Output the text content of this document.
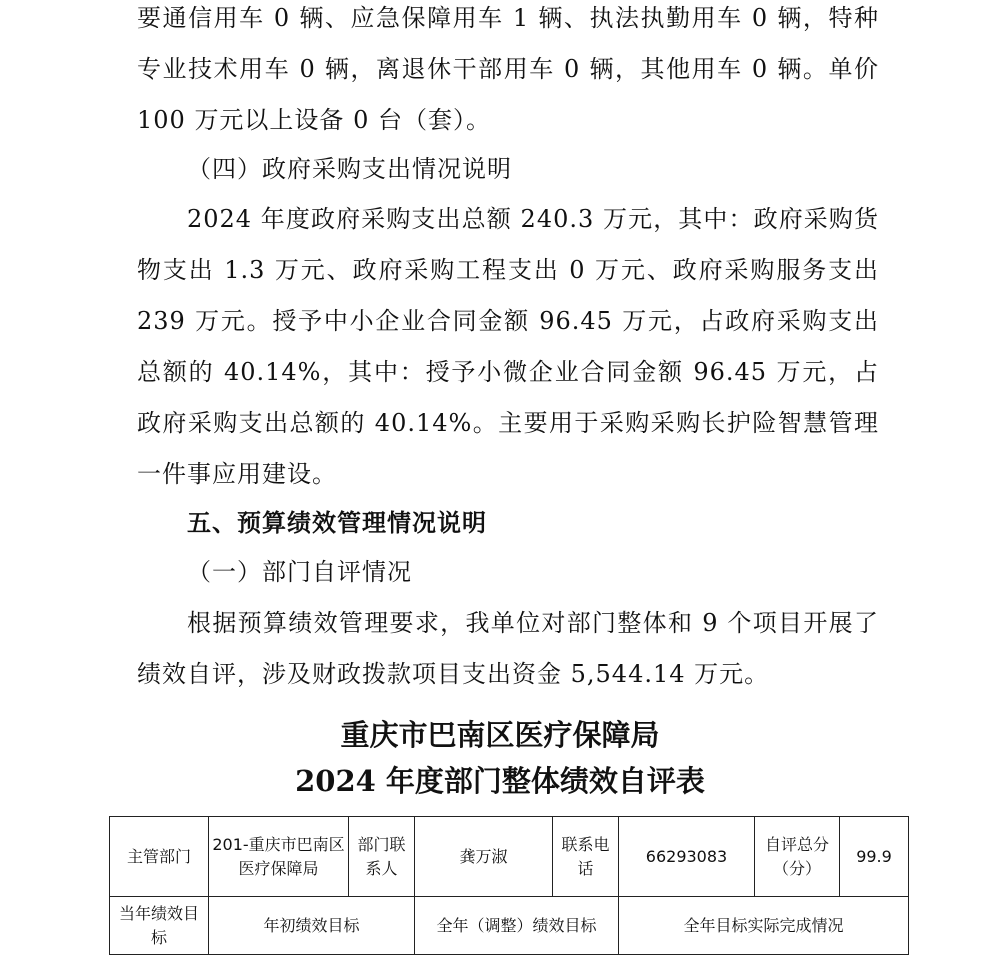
要通信用车 0 辆、应急保障用车 1 辆、执法执勤用车 0 辆，特种专业技术用车 0 辆，离退休干部用车 0 辆，其他用车 0 辆。单价 100 万元以上设备 0 台（套）。

（四）政府采购支出情况说明

2024 年度政府采购支出总额 240.3 万元，其中：政府采购货物支出 1.3 万元、政府采购工程支出 0 万元、政府采购服务支出 239 万元。授予中小企业合同金额 96.45 万元，占政府采购支出总额的 40.14%，其中：授予小微企业合同金额 96.45 万元，占政府采购支出总额的 40.14%。主要用于采购采购长护险智慧管理一件事应用建设。

五、预算绩效管理情况说明

（一）部门自评情况

根据预算绩效管理要求，我单位对部门整体和 9 个项目开展了绩效自评，涉及财政拨款项目支出资金 5,544.14 万元。

重庆市巴南区医疗保障局
2024 年度部门整体绩效自评表
主管部门	201-重庆市巴南区医疗保障局	部门联系人	龚万淑	联系电话	66293083	自评总分（分）	99.9
当年绩效目标	年初绩效目标		全年（调整）绩效目标		全年目标实际完成情况		
